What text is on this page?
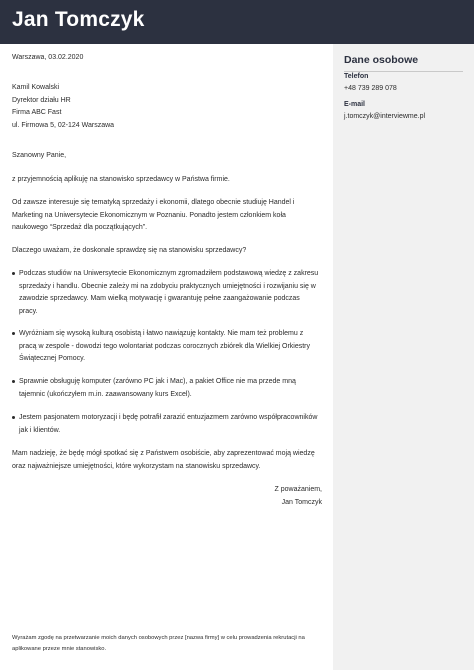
Jan Tomczyk
Dane osobowe
Telefon
+48 739 289 078
E-mail
j.tomczyk@interviewme.pl

Warszawa, 03.02.2020

Kamil Kowalski

Dyrektor działu HR

Firma ABC Fast

ul. Firmowa 5, 02-124 Warszawa

Szanowny Panie,

z przyjemnością aplikuję na stanowisko sprzedawcy w Państwa firmie.

Od zawsze interesuje się tematyką sprzedaży i ekonomii, dlatego obecnie studiuję Handel i Marketing na Uniwersytecie Ekonomicznym w Poznaniu. Ponadto jestem członkiem koła naukowego “Sprzedaż dla początkujących”.

Dlaczego uważam, że doskonale sprawdzę się na stanowisku sprzedawcy?

Podczas studiów na Uniwersytecie Ekonomicznym zgromadziłem podstawową wiedzę z zakresu sprzedaży i handlu. Obecnie zależy mi na zdobyciu praktycznych umiejętności i rozwijaniu się w zawodzie sprzedawcy. Mam wielką motywację i gwarantuję pełne zaangażowanie podczas pracy.
Wyróżniam się wysoką kulturą osobistą i łatwo nawiązuję kontakty. Nie mam też problemu z pracą w zespole - dowodzi tego wolontariat podczas corocznych zbiórek dla Wielkiej Orkiestry Świątecznej Pomocy.
Sprawnie obsługuję komputer (zarówno PC jak i Mac), a pakiet Office nie ma przede mną tajemnic (ukończyłem m.in. zaawansowany kurs Excel).
Jestem pasjonatem motoryzacji i będę potrafił zarazić entuzjazmem zarówno współpracowników jak i klientów.

Mam nadzieję, że będę mógł spotkać się z Państwem osobiście, aby zaprezentować moją wiedzę oraz najważniejsze umiejętności, które wykorzystam na stanowisku sprzedawcy.

Z poważaniem,

Jan Tomczyk

Wyrażam zgodę na przetwarzanie moich danych osobowych przez [nazwa firmy] w celu prowadzenia rekrutacji na aplikowane przeze mnie stanowisko.
